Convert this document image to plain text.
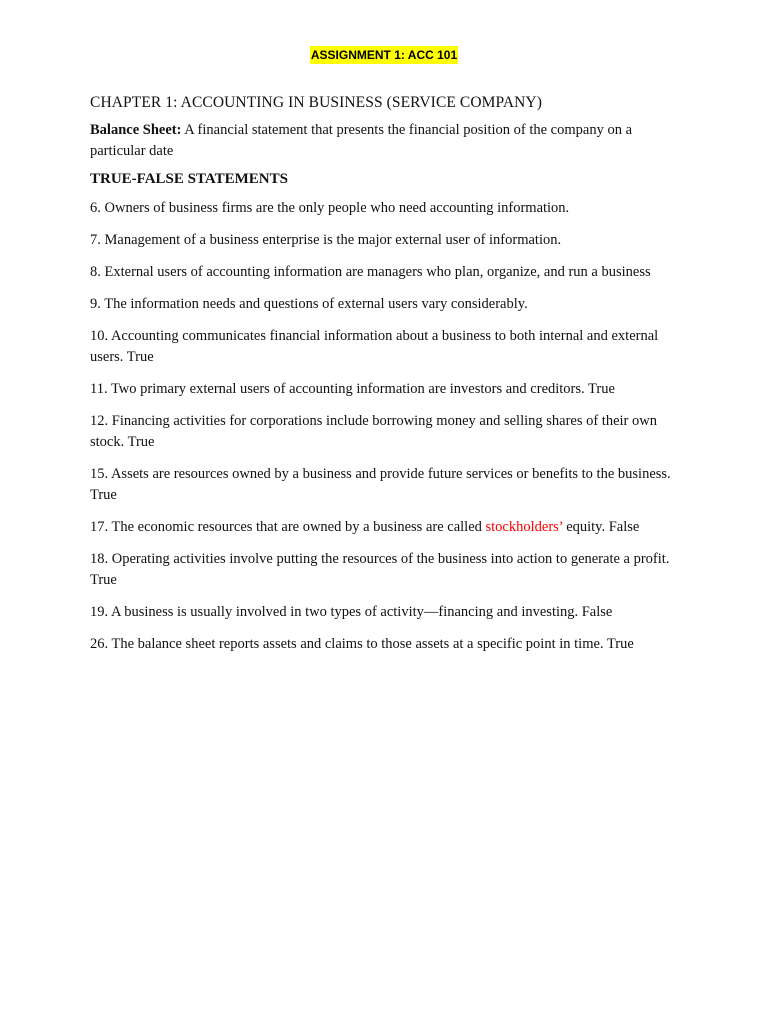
ASSIGNMENT 1: ACC 101
CHAPTER 1: ACCOUNTING IN BUSINESS (SERVICE COMPANY)

Balance Sheet: A financial statement that presents the financial position of the company on a particular date

TRUE-FALSE STATEMENTS
6. Owners of business firms are the only people who need accounting information.
7. Management of a business enterprise is the major external user of information.
8. External users of accounting information are managers who plan, organize, and run a business
9. The information needs and questions of external users vary considerably.
10. Accounting communicates financial information about a business to both internal and external users. True
11. Two primary external users of accounting information are investors and creditors. True
12. Financing activities for corporations include borrowing money and selling shares of their own stock. True
15. Assets are resources owned by a business and provide future services or benefits to the business. True
17. The economic resources that are owned by a business are called stockholders’ equity. False
18. Operating activities involve putting the resources of the business into action to generate a profit. True
19. A business is usually involved in two types of activity—financing and investing. False
26. The balance sheet reports assets and claims to those assets at a specific point in time. True
